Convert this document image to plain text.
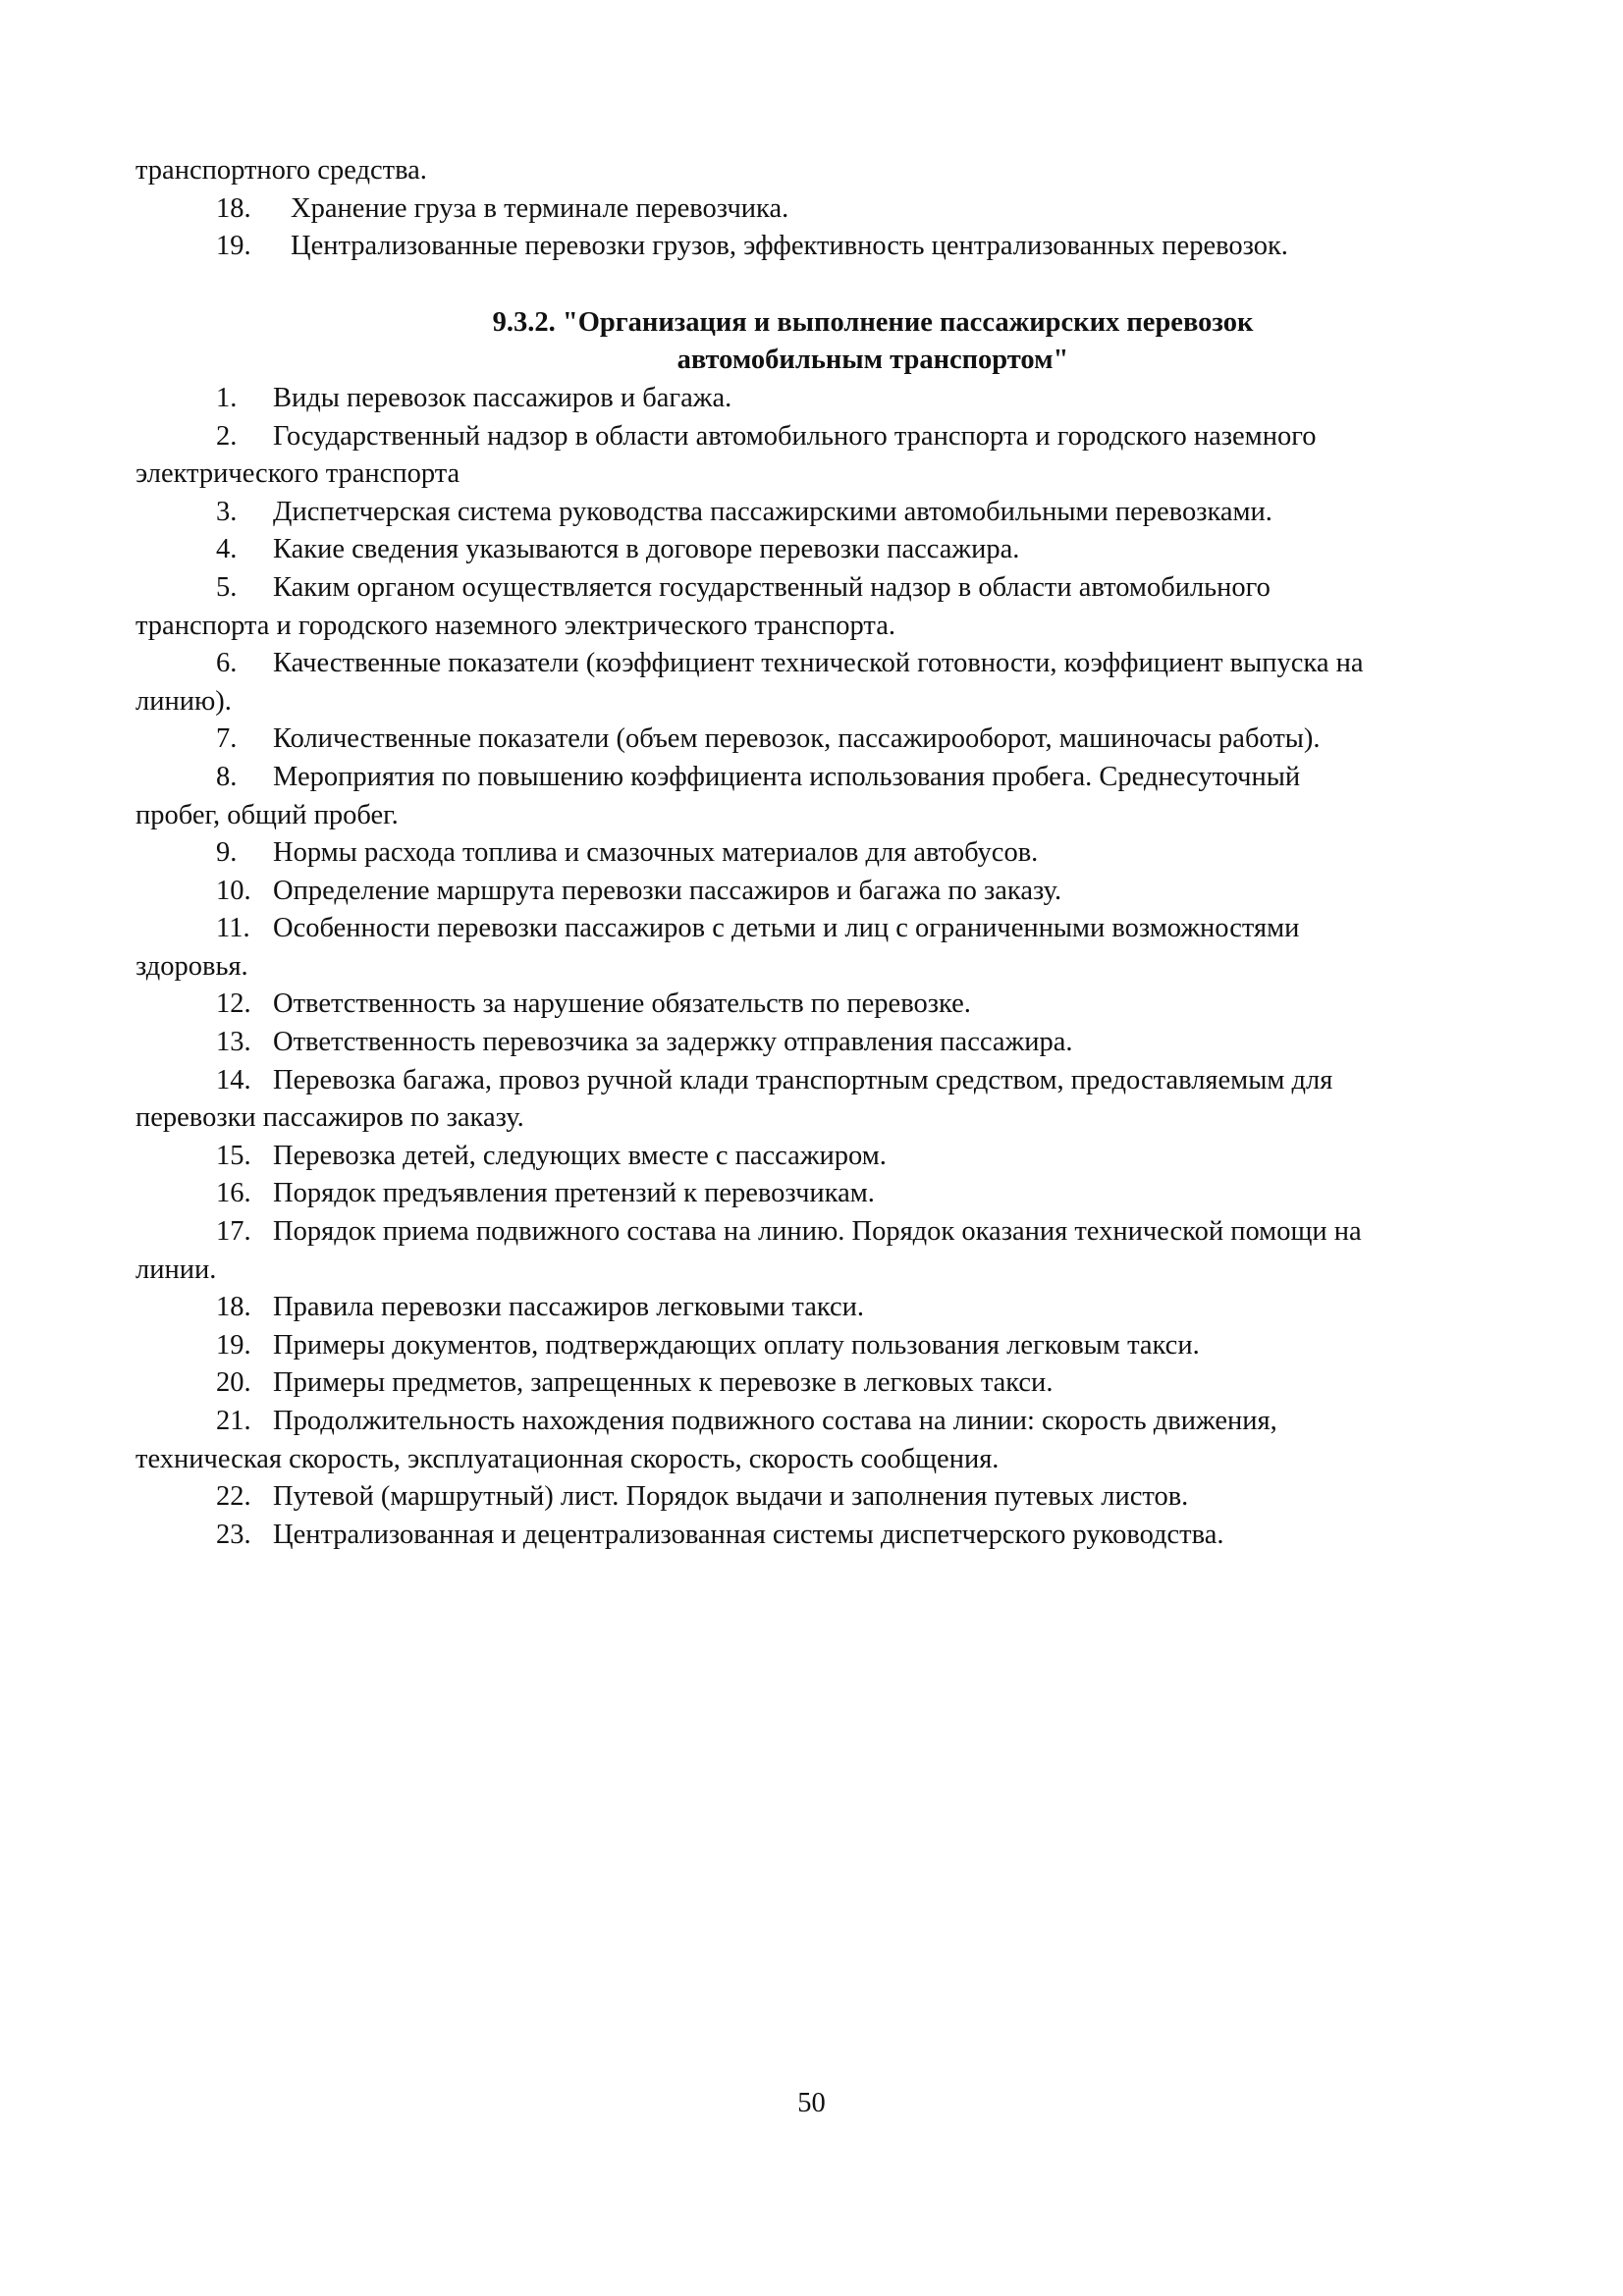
транспортного средства.
18. Хранение груза в терминале перевозчика.
19. Централизованные перевозки грузов, эффективность централизованных перевозок.
9.3.2. "Организация и выполнение пассажирских перевозок
автомобильным транспортом"
1. Виды перевозок пассажиров и багажа.
2. Государственный надзор в области автомобильного транспорта и городского наземного
электрического транспорта
3. Диспетчерская система руководства пассажирскими автомобильными перевозками.
4. Какие сведения указываются в договоре перевозки пассажира.
5. Каким органом осуществляется государственный надзор в области автомобильного
транспорта и городского наземного электрического транспорта.
6. Качественные показатели (коэффициент технической готовности, коэффициент выпуска на
линию).
7. Количественные показатели (объем перевозок, пассажирооборот, машиночасы работы).
8. Мероприятия по повышению коэффициента использования пробега. Среднесуточный
пробег, общий пробег.
9. Нормы расхода топлива и смазочных материалов для автобусов.
10. Определение маршрута перевозки пассажиров и багажа по заказу.
11. Особенности перевозки пассажиров с детьми и лиц с ограниченными возможностями
здоровья.
12. Ответственность за нарушение обязательств по перевозке.
13. Ответственность перевозчика за задержку отправления пассажира.
14. Перевозка багажа, провоз ручной клади транспортным средством, предоставляемым для
перевозки пассажиров по заказу.
15. Перевозка детей, следующих вместе с пассажиром.
16. Порядок предъявления претензий к перевозчикам.
17. Порядок приема подвижного состава на линию. Порядок оказания технической помощи на
линии.
18. Правила перевозки пассажиров легковыми такси.
19. Примеры документов, подтверждающих оплату пользования легковым такси.
20. Примеры предметов, запрещенных к перевозке в легковых такси.
21. Продолжительность нахождения подвижного состава на линии: скорость движения,
техническая скорость, эксплуатационная скорость, скорость сообщения.
22. Путевой (маршрутный) лист. Порядок выдачи и заполнения путевых листов.
23. Централизованная и децентрализованная системы диспетчерского руководства.
50
